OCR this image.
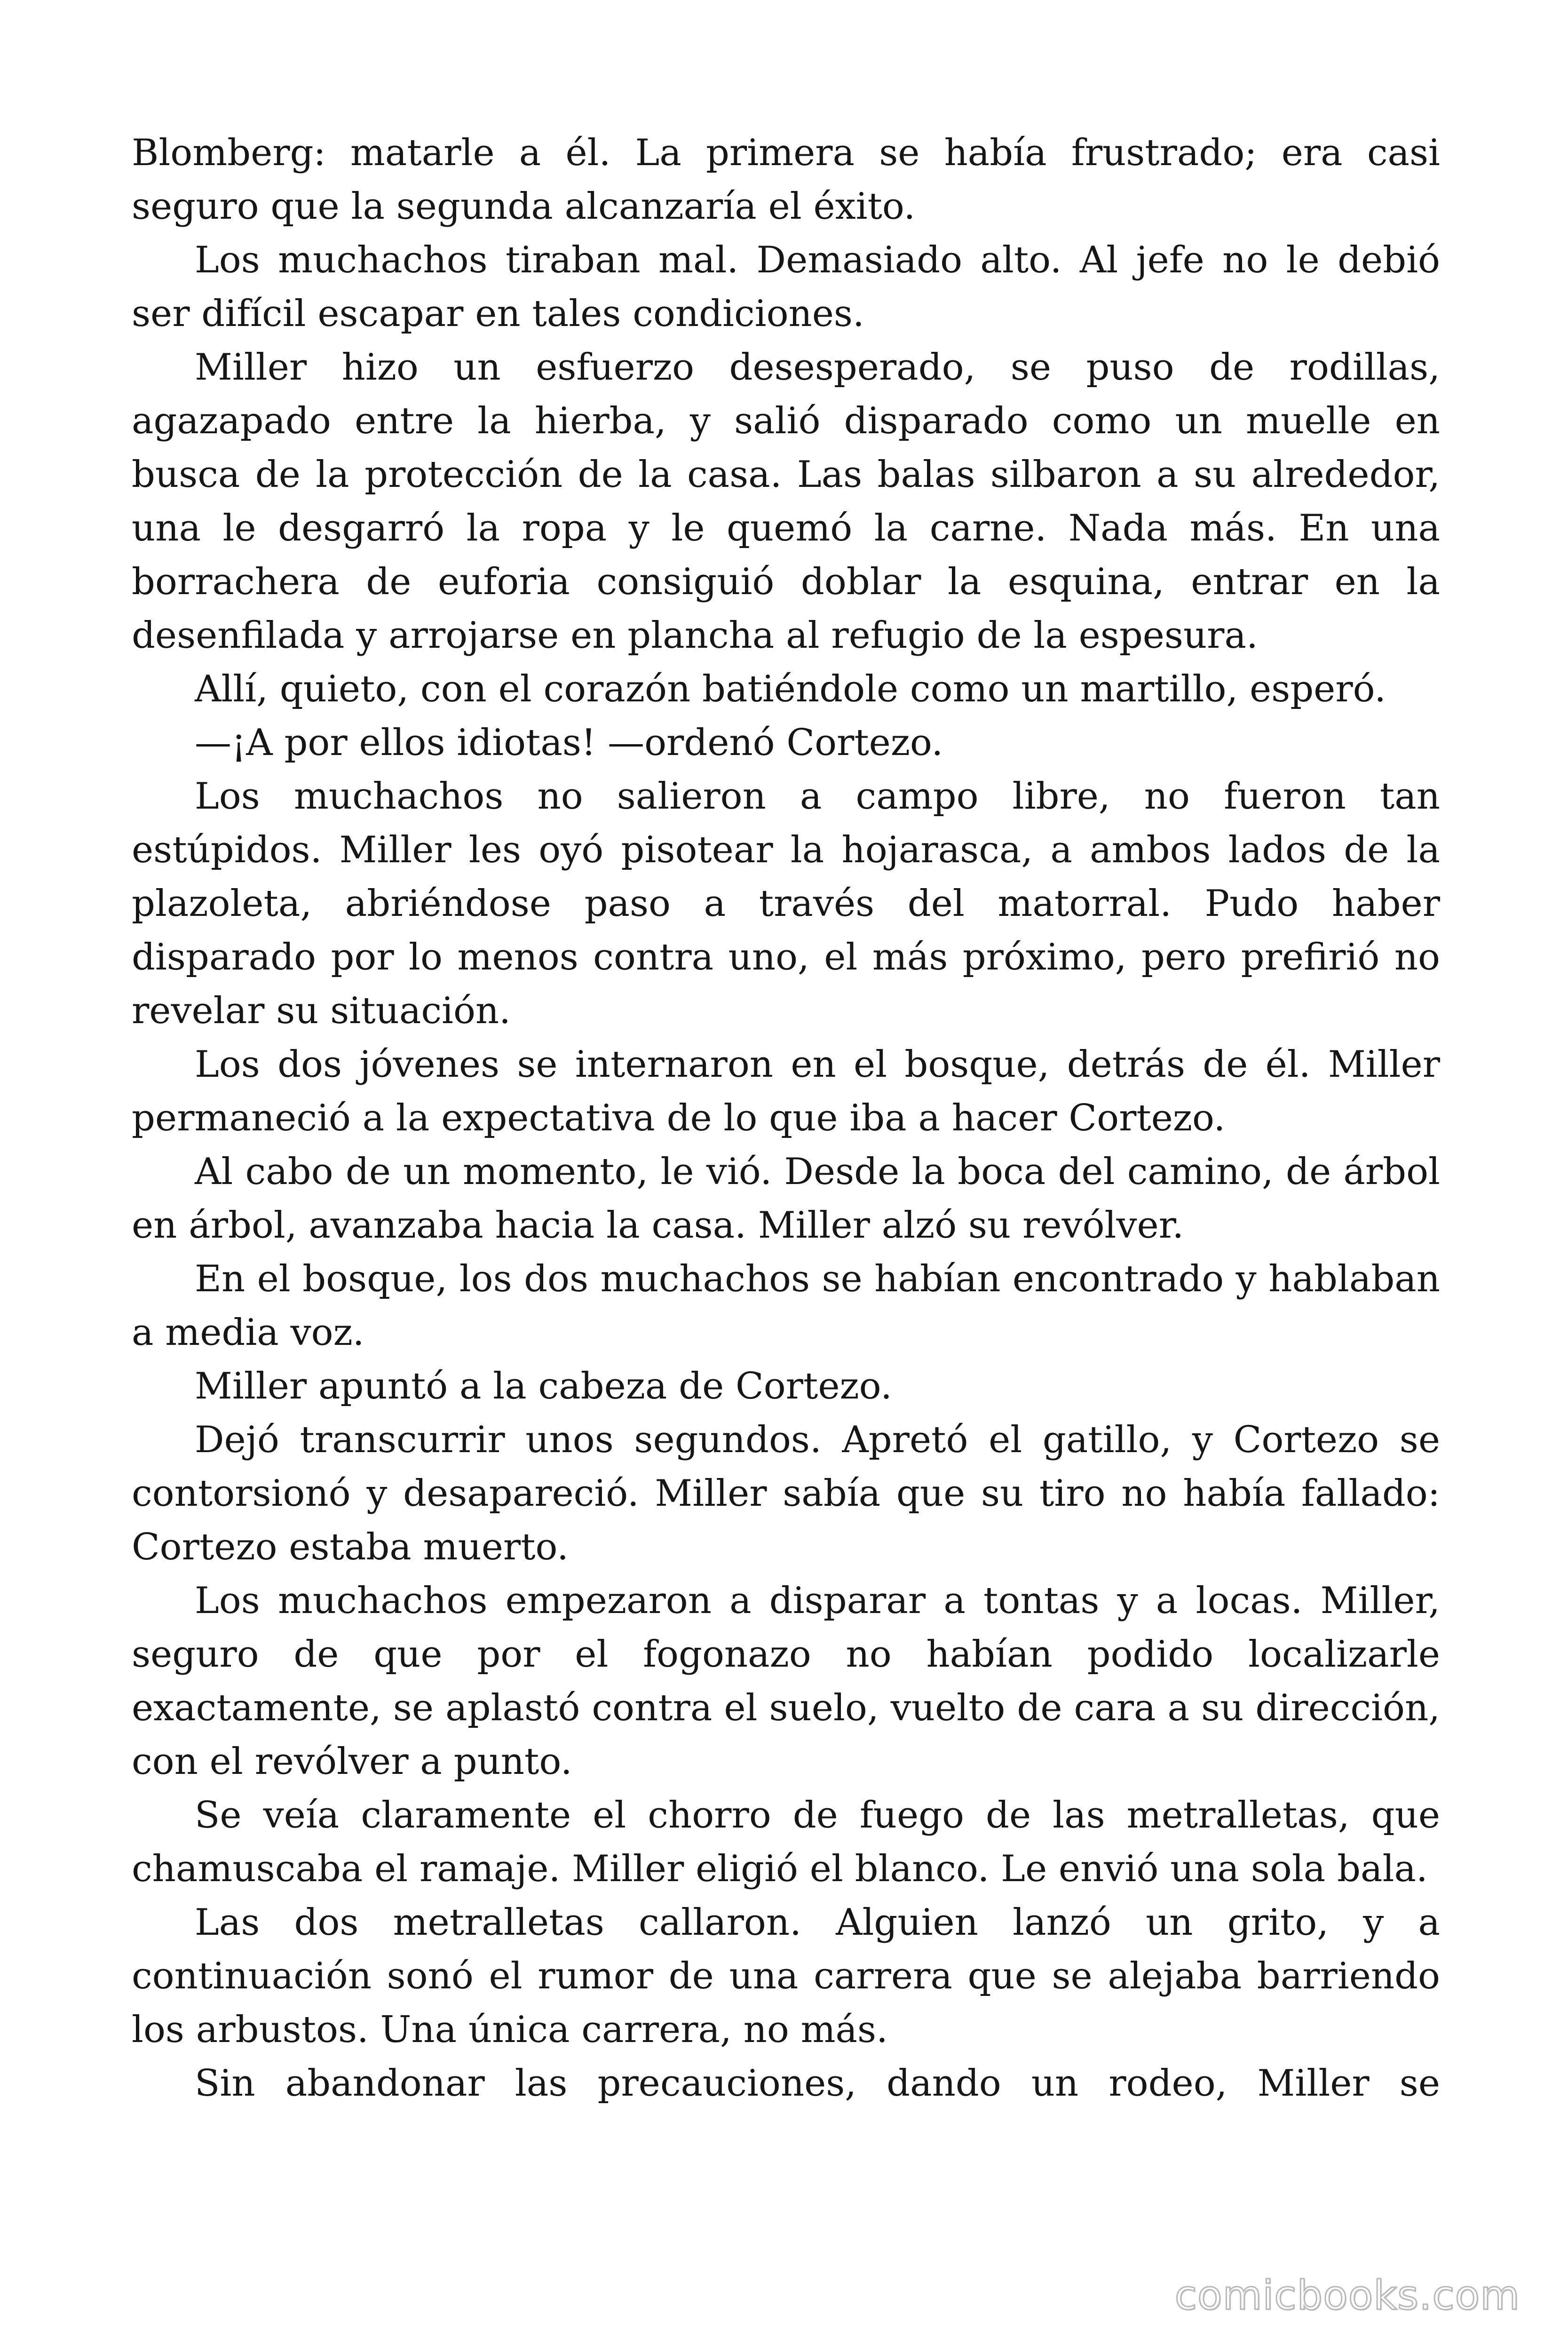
Blomberg: matarle a él. La primera se había frustrado; era casi seguro que la segunda alcanzaría el éxito.

Los muchachos tiraban mal. Demasiado alto. Al jefe no le debió ser difícil escapar en tales condiciones.

Miller hizo un esfuerzo desesperado, se puso de rodillas, agazapado entre la hierba, y salió disparado como un muelle en busca de la protección de la casa. Las balas silbaron a su alrededor, una le desgarró la ropa y le quemó la carne. Nada más. En una borrachera de euforia consiguió doblar la esquina, entrar en la desenfilada y arrojarse en plancha al refugio de la espesura.

Allí, quieto, con el corazón batiéndole como un martillo, esperó.

—¡A por ellos idiotas! —ordenó Cortezo.

Los muchachos no salieron a campo libre, no fueron tan estúpidos. Miller les oyó pisotear la hojarasca, a ambos lados de la plazoleta, abriéndose paso a través del matorral. Pudo haber disparado por lo menos contra uno, el más próximo, pero prefirió no revelar su situación.

Los dos jóvenes se internaron en el bosque, detrás de él. Miller permaneció a la expectativa de lo que iba a hacer Cortezo.

Al cabo de un momento, le vió. Desde la boca del camino, de árbol en árbol, avanzaba hacia la casa. Miller alzó su revólver.

En el bosque, los dos muchachos se habían encontrado y hablaban a media voz.

Miller apuntó a la cabeza de Cortezo.

Dejó transcurrir unos segundos. Apretó el gatillo, y Cortezo se contorsionó y desapareció. Miller sabía que su tiro no había fallado: Cortezo estaba muerto.

Los muchachos empezaron a disparar a tontas y a locas. Miller, seguro de que por el fogonazo no habían podido localizarle exactamente, se aplastó contra el suelo, vuelto de cara a su dirección, con el revólver a punto.

Se veía claramente el chorro de fuego de las metralletas, que chamuscaba el ramaje. Miller eligió el blanco. Le envió una sola bala.

Las dos metralletas callaron. Alguien lanzó un grito, y a continuación sonó el rumor de una carrera que se alejaba barriendo los arbustos. Una única carrera, no más.

Sin abandonar las precauciones, dando un rodeo, Miller se

comicbooks.com
